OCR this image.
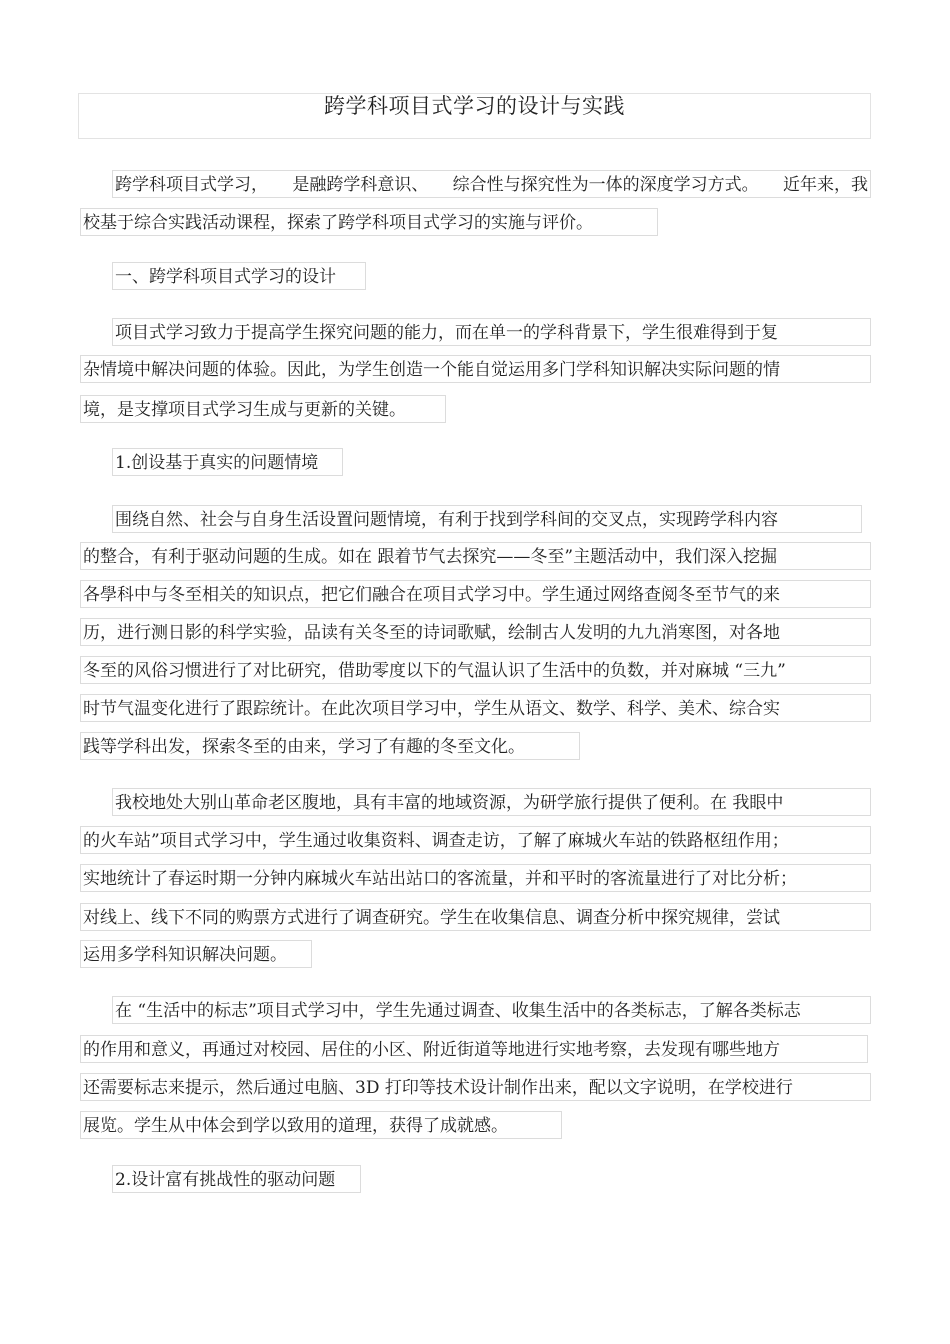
跨学科项目式学习的设计与实践
跨学科项目式学习， 是融跨学科意识、 综合性与探究性为一体的深度学习方式。 近年来，我
校基于综合实践活动课程，探索了跨学科项目式学习的实施与评价。
一、跨学科项目式学习的设计
项目式学习致力于提高学生探究问题的能力，而在单一的学科背景下，学生很难得到于复
杂情境中解决问题的体验。因此，为学生创造一个能自觉运用多门学科知识解决实际问题的情
境，是支撑项目式学习生成与更新的关键。
1.创设基于真实的问题情境
围绕自然、社会与自身生活设置问题情境，有利于找到学科间的交叉点，实现跨学科内容
的整合，有利于驱动问题的生成。如在 跟着节气去探究——冬至”主题活动中，我们深入挖掘
各學科中与冬至相关的知识点，把它们融合在项目式学习中。学生通过网络查阅冬至节气的来
历，进行测日影的科学实验，品读有关冬至的诗词歌赋，绘制古人发明的九九消寒图，对各地
冬至的风俗习惯进行了对比研究，借助零度以下的气温认识了生活中的负数，并对麻城 “三九”
时节气温变化进行了跟踪统计。在此次项目学习中，学生从语文、数学、科学、美术、综合实
践等学科出发，探索冬至的由来，学习了有趣的冬至文化。
我校地处大别山革命老区腹地，具有丰富的地域资源，为研学旅行提供了便利。在 我眼中
的火车站”项目式学习中，学生通过收集资料、调查走访，了解了麻城火车站的铁路枢纽作用；
实地统计了春运时期一分钟内麻城火车站出站口的客流量，并和平时的客流量进行了对比分析；
对线上、线下不同的购票方式进行了调查研究。学生在收集信息、调查分析中探究规律，尝试
运用多学科知识解决问题。
在 “生活中的标志”项目式学习中，学生先通过调查、收集生活中的各类标志，了解各类标志
的作用和意义，再通过对校园、居住的小区、附近街道等地进行实地考察，去发现有哪些地方
还需要标志来提示，然后通过电脑、3D 打印等技术设计制作出来，配以文字说明，在学校进行
展览。学生从中体会到学以致用的道理，获得了成就感。
2.设计富有挑战性的驱动问题
